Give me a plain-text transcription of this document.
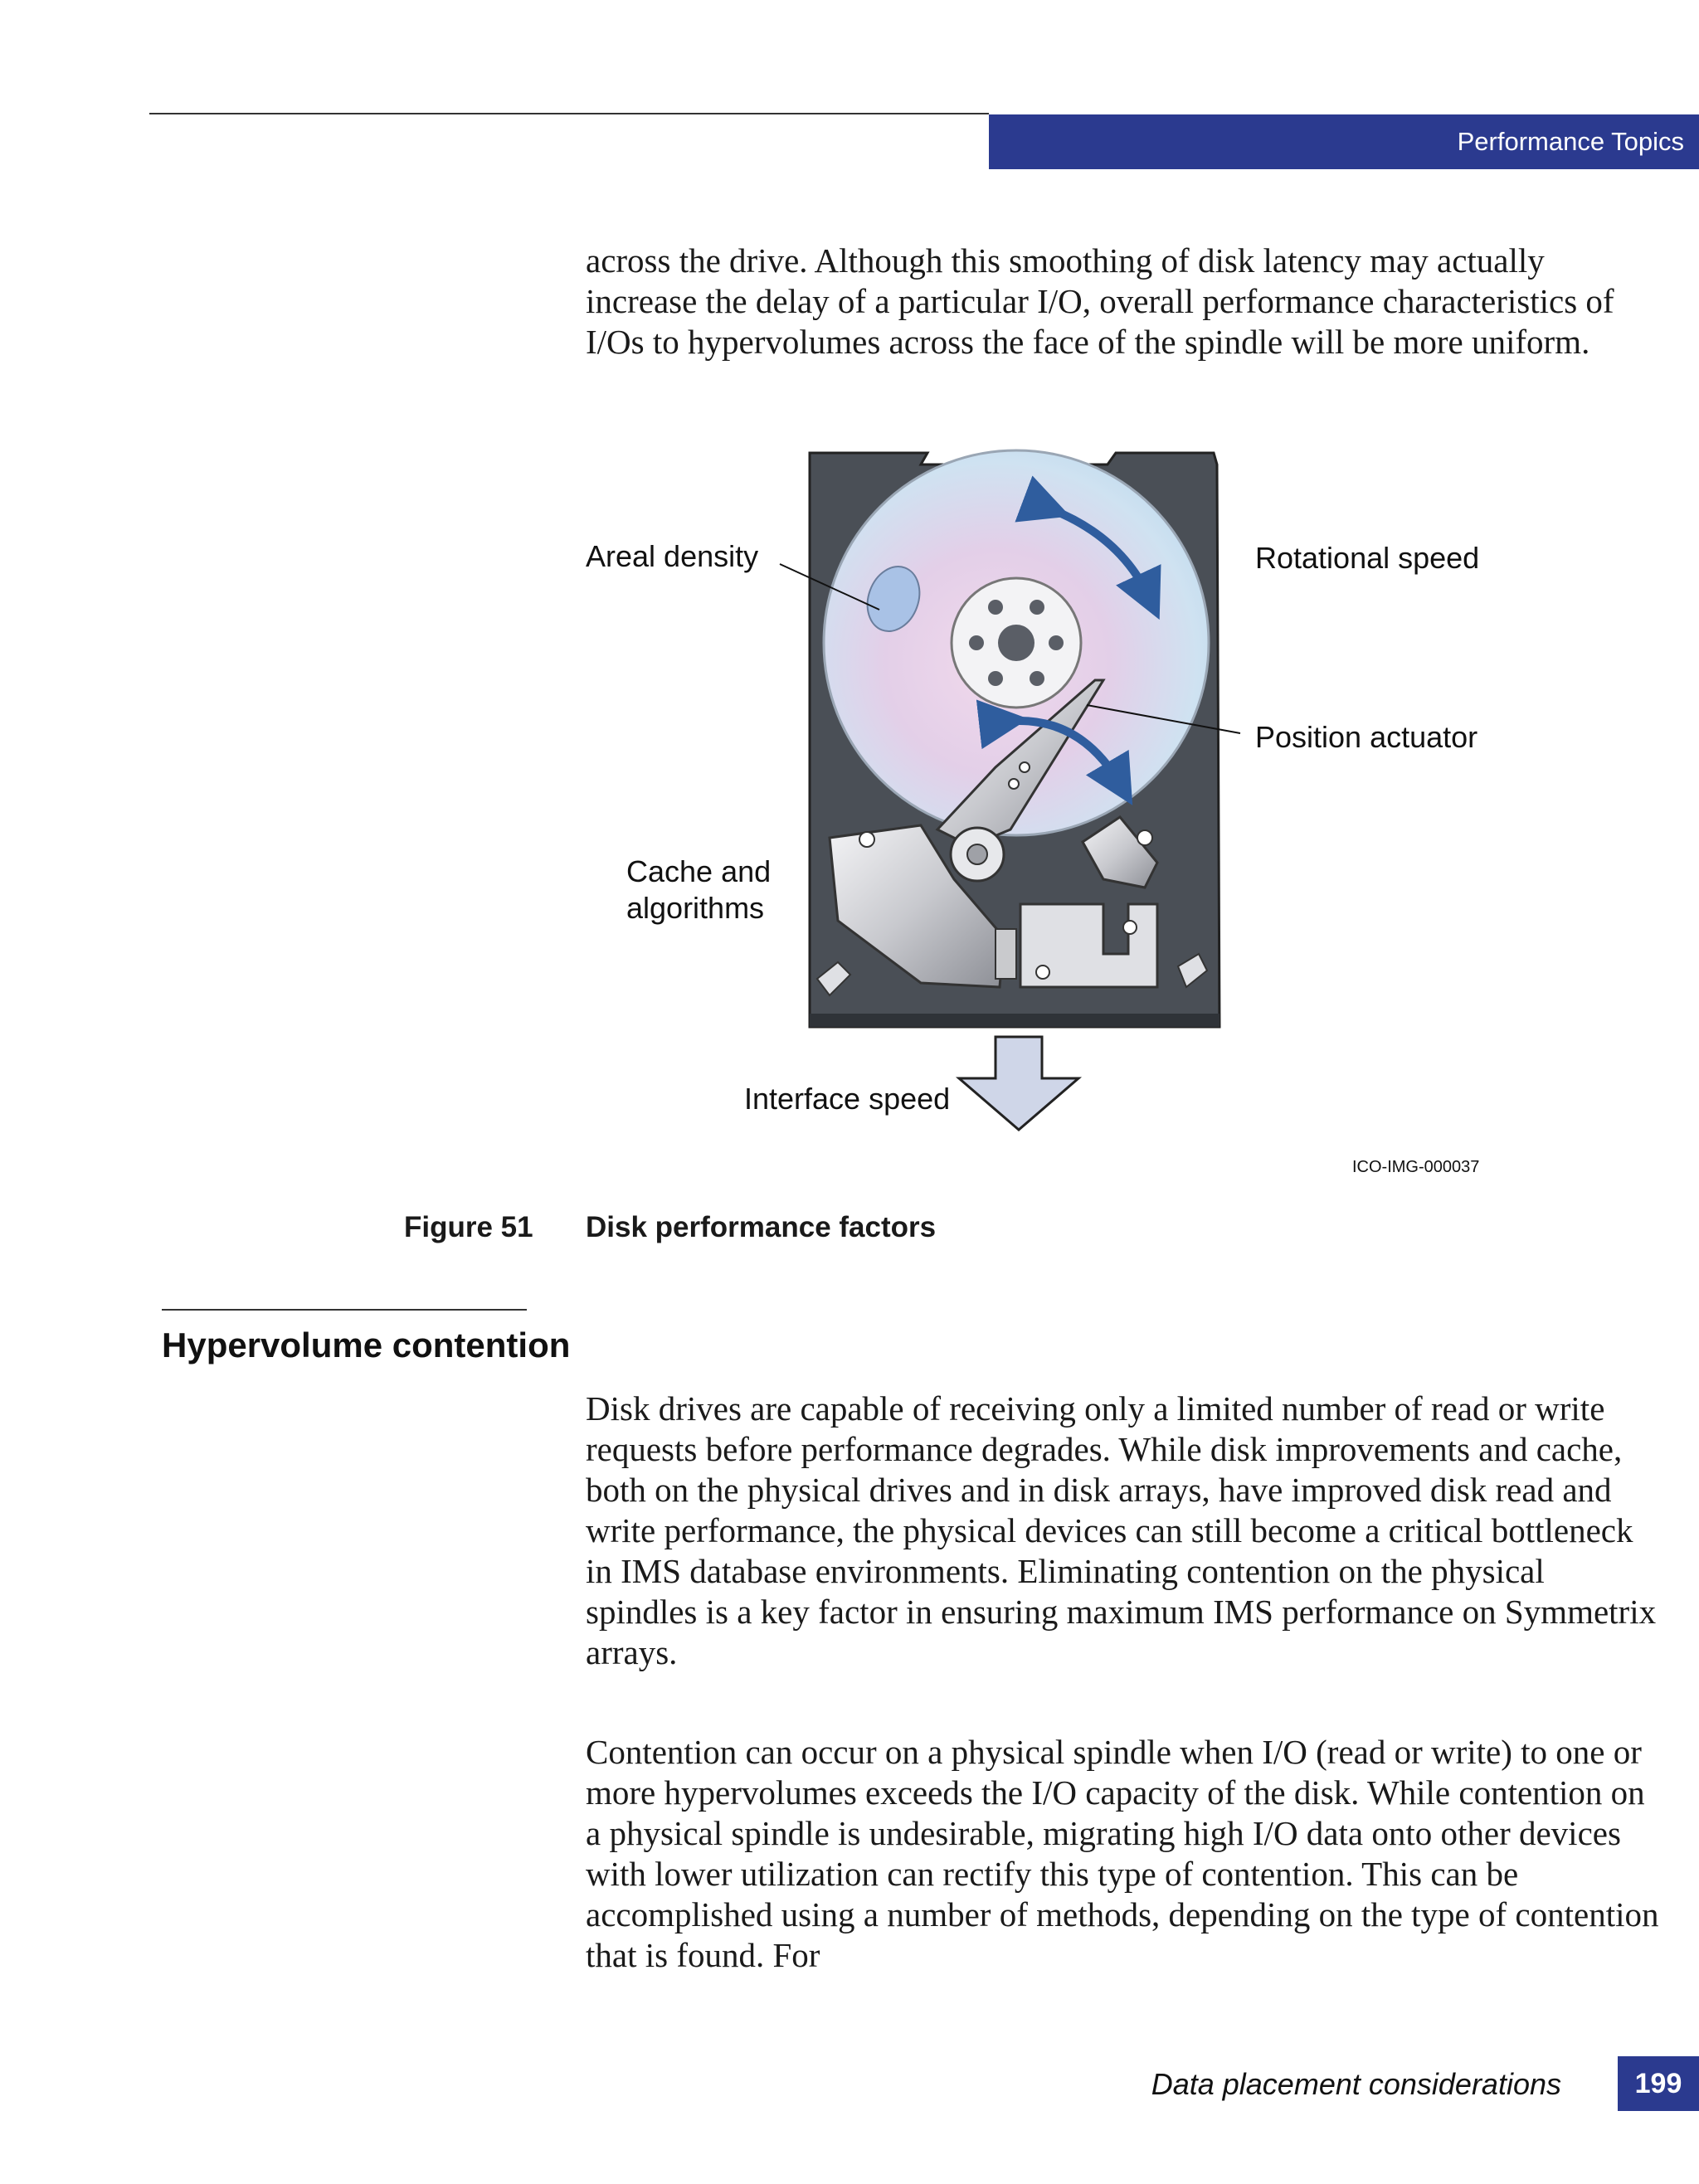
Performance Topics

across the drive. Although this smoothing of disk latency may actually increase the delay of a particular I/O, overall performance characteristics of I/Os to hypervolumes across the face of the spindle will be more uniform.

Areal density	Rotational speed
Position actuator
Cache and
algorithms
Interface speed
ICO-IMG-000037
Figure 51 Disk performance factors
Hypervolume contention

Disk drives are capable of receiving only a limited number of read or write requests before performance degrades. While disk improvements and cache, both on the physical drives and in disk arrays, have improved disk read and write performance, the physical devices can still become a critical bottleneck in IMS database environments. Eliminating contention on the physical spindles is a key factor in ensuring maximum IMS performance on Symmetrix arrays.

Contention can occur on a physical spindle when I/O (read or write) to one or more hypervolumes exceeds the I/O capacity of the disk. While contention on a physical spindle is undesirable, migrating high I/O data onto other devices with lower utilization can rectify this type of contention. This can be accomplished using a number of methods, depending on the type of contention that is found. For

Data placement considerations	199
